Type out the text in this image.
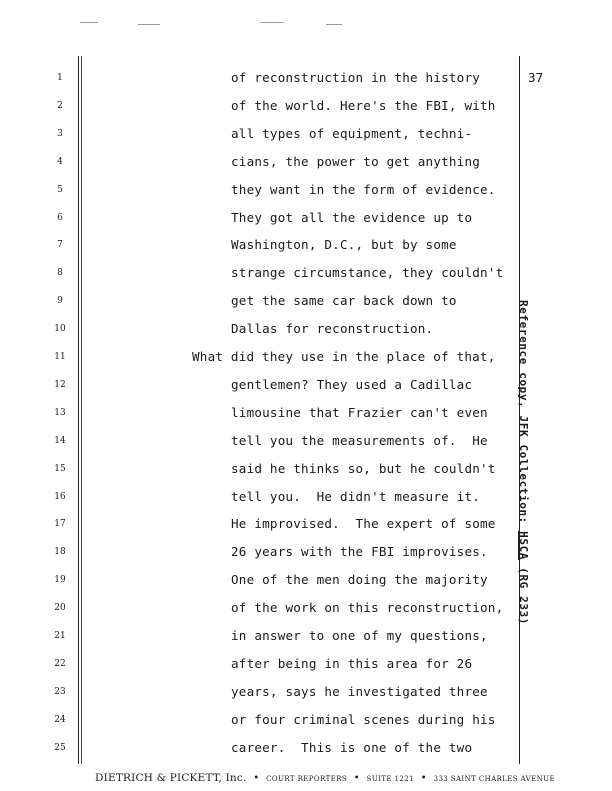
37
1	of reconstruction in the history
2	of the world. Here's the FBI, with
3	all types of equipment, techni-
4	cians, the power to get anything
5	they want in the form of evidence.
6	They got all the evidence up to
7	Washington, D.C., but by some
8	strange circumstance, they couldn't
9	get the same car back down to
10	Dallas for reconstruction.
11	What did they use in the place of that,
12	gentlemen? They used a Cadillac
13	limousine that Frazier can't even
14	tell you the measurements of.  He
15	said he thinks so, but he couldn't
16	tell you.  He didn't measure it.
17	He improvised.  The expert of some
18	26 years with the FBI improvises.
19	One of the men doing the majority
20	of the work on this reconstruction,
21	in answer to one of my questions,
22	after being in this area for 26
23	years, says he investigated three
24	or four criminal scenes during his
25	career.  This is one of the two
Reference copy, JFK Collection: HSCA (RG 233)
DIETRICH & PICKETT, Inc. • COURT REPORTERS • SUITE 1221 • 333 SAINT CHARLES AVENUE
